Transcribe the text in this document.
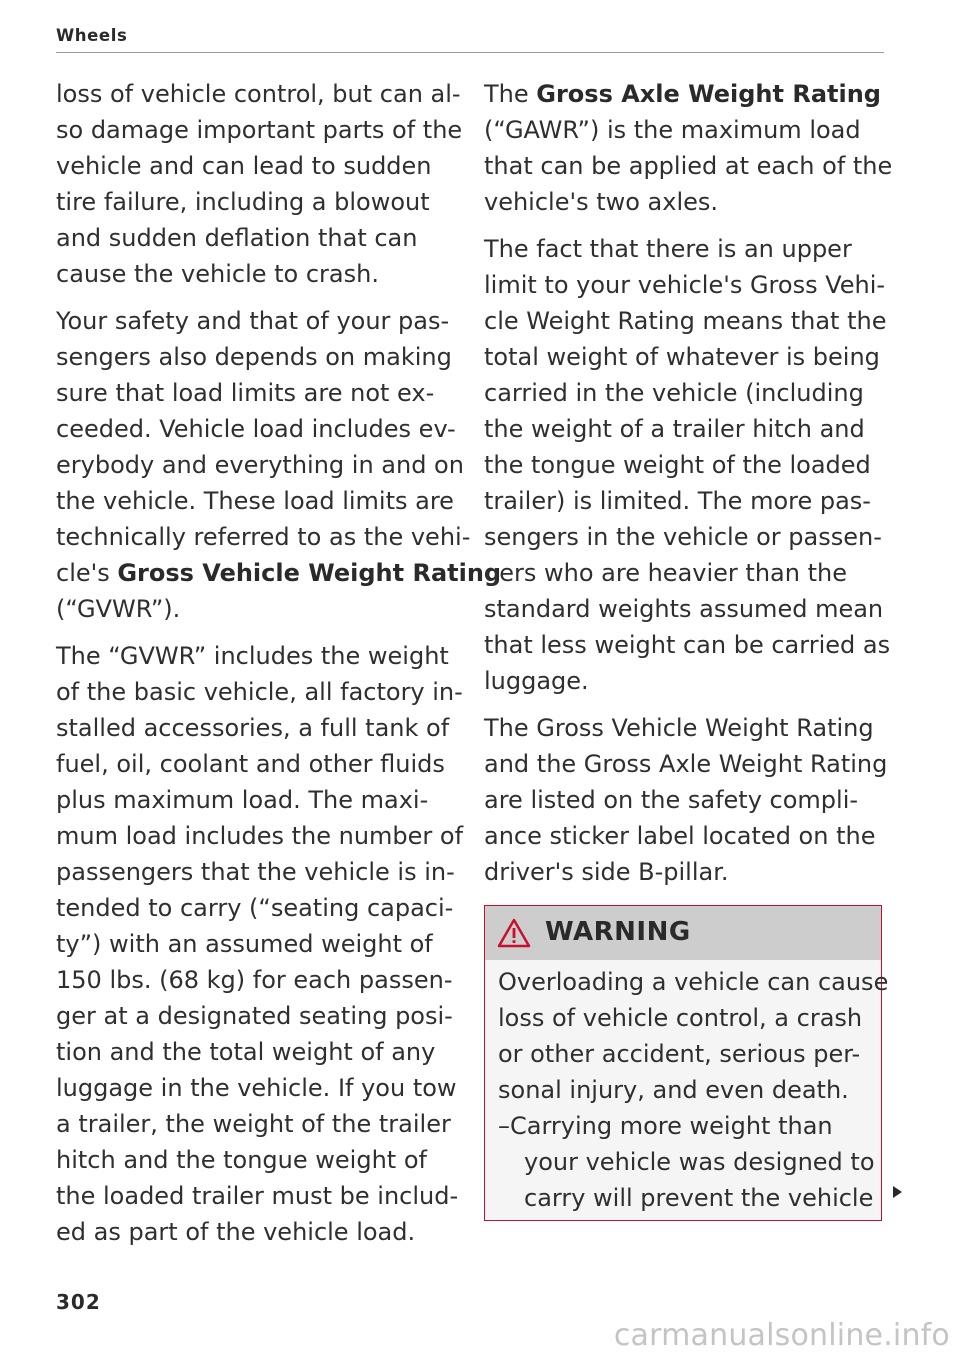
Wheels

loss of vehicle control, but can al-
so damage important parts of the
vehicle and can lead to sudden
tire failure, including a blowout
and sudden deflation that can
cause the vehicle to crash.

Your safety and that of your pas-
sengers also depends on making
sure that load limits are not ex-
ceeded. Vehicle load includes ev-
erybody and everything in and on
the vehicle. These load limits are
technically referred to as the vehi-
cle's Gross Vehicle Weight Rating
(“GVWR”).

The “GVWR” includes the weight
of the basic vehicle, all factory in-
stalled accessories, a full tank of
fuel, oil, coolant and other fluids
plus maximum load. The maxi-
mum load includes the number of
passengers that the vehicle is in-
tended to carry (“seating capaci-
ty”) with an assumed weight of
150 lbs. (68 kg) for each passen-
ger at a designated seating posi-
tion and the total weight of any
luggage in the vehicle. If you tow
a trailer, the weight of the trailer
hitch and the tongue weight of
the loaded trailer must be includ-
ed as part of the vehicle load.

The Gross Axle Weight Rating
(“GAWR”) is the maximum load
that can be applied at each of the
vehicle's two axles.

The fact that there is an upper
limit to your vehicle's Gross Vehi-
cle Weight Rating means that the
total weight of whatever is being
carried in the vehicle (including
the weight of a trailer hitch and
the tongue weight of the loaded
trailer) is limited. The more pas-
sengers in the vehicle or passen-
gers who are heavier than the
standard weights assumed mean
that less weight can be carried as
luggage.

The Gross Vehicle Weight Rating
and the Gross Axle Weight Rating
are listed on the safety compli-
ance sticker label located on the
driver's side B-pillar.

WARNING
Overloading a vehicle can cause
loss of vehicle control, a crash
or other accident, serious per-
sonal injury, and even death.
–Carrying more weight than
your vehicle was designed to
carry will prevent the vehicle
302
carmanualsonline.info
